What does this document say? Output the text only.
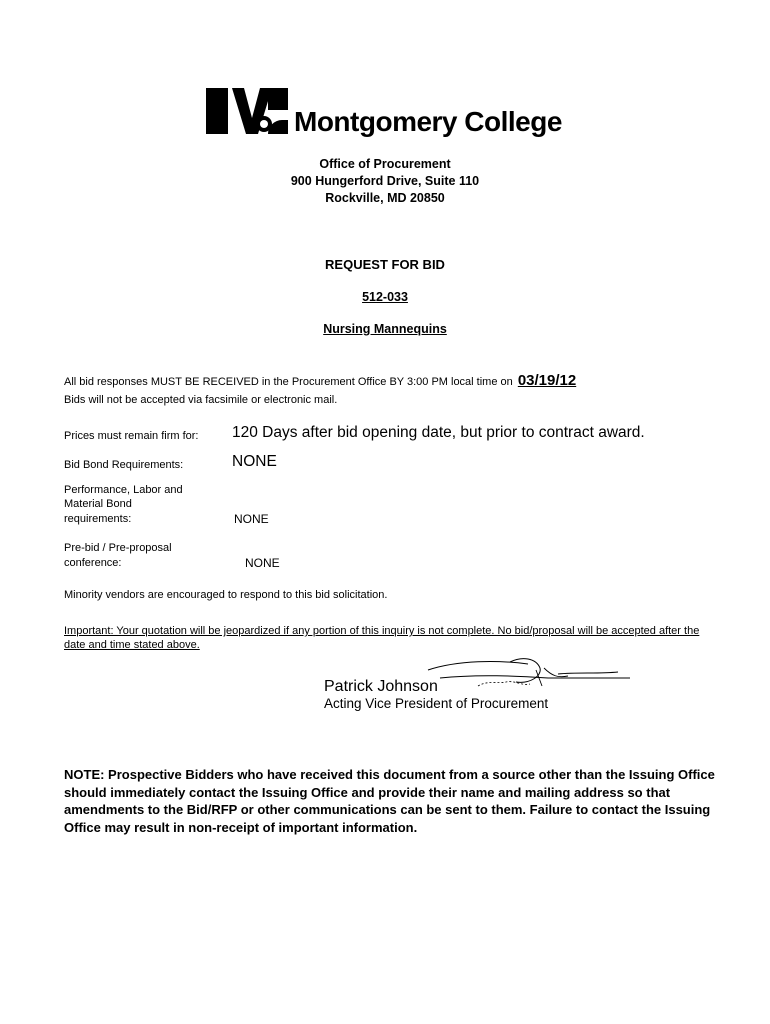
Montgomery College
Office of Procurement
900 Hungerford Drive, Suite 110
Rockville, MD 20850
REQUEST FOR BID
512-033
Nursing Mannequins
All bid responses MUST BE RECEIVED in the Procurement Office BY 3:00 PM local time on 03/19/12
Bids will not be accepted via facsimile or electronic mail.
Prices must remain firm for: 120 Days after bid opening date, but prior to contract award.
Bid Bond Requirements:	NONE
Performance, Labor and
Material Bond
requirements:	NONE
Pre-bid / Pre-proposal
conference:	NONE
Minority vendors are encouraged to respond to this bid solicitation.
Important: Your quotation will be jeopardized if any portion of this inquiry is not complete. No bid/proposal will be accepted after the date and time stated above.
Patrick Johnson
Acting Vice President of Procurement
NOTE: Prospective Bidders who have received this document from a source other than the Issuing Office should immediately contact the Issuing Office and provide their name and mailing address so that amendments to the Bid/RFP or other communications can be sent to them. Failure to contact the Issuing Office may result in non-receipt of important information.
